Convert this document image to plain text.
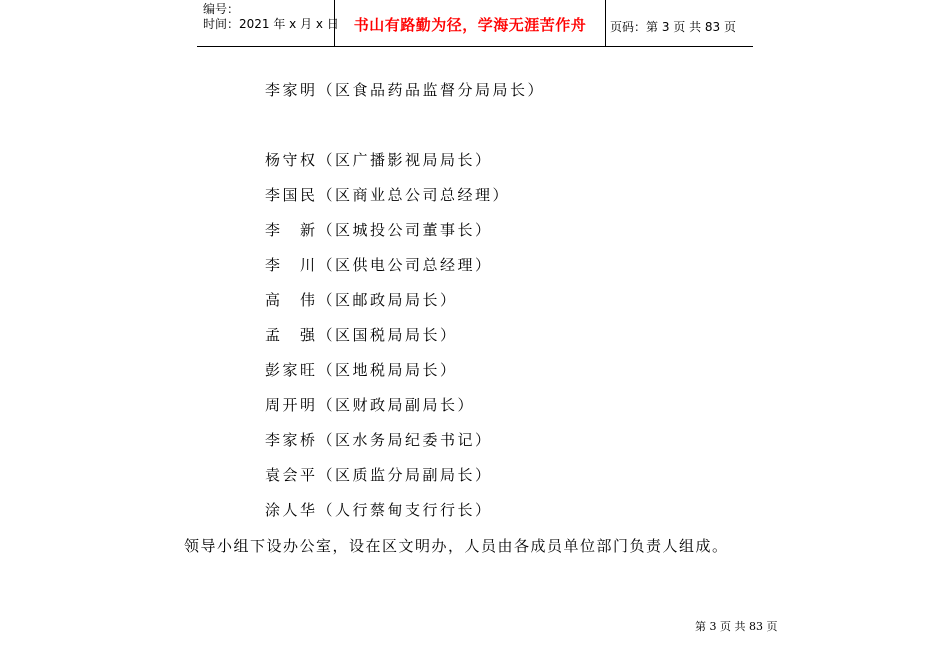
编号：
时间：2021 年 x 月 x 日 书山有路勤为径，学海无涯苦作舟	页码：第 3 页 共 83 页
李家明（区食品药品监督分局局长）
杨守权（区广播影视局局长）
李国民（区商业总公司总经理）
李　新（区城投公司董事长）
李　川（区供电公司总经理）
高　伟（区邮政局局长）
孟　强（区国税局局长）
彭家旺（区地税局局长）
周开明（区财政局副局长）
李家桥（区水务局纪委书记）
袁会平（区质监分局副局长）
涂人华（人行蔡甸支行行长）
领导小组下设办公室，设在区文明办，人员由各成员单位部门负责人组成。
第 3 页 共 83 页
